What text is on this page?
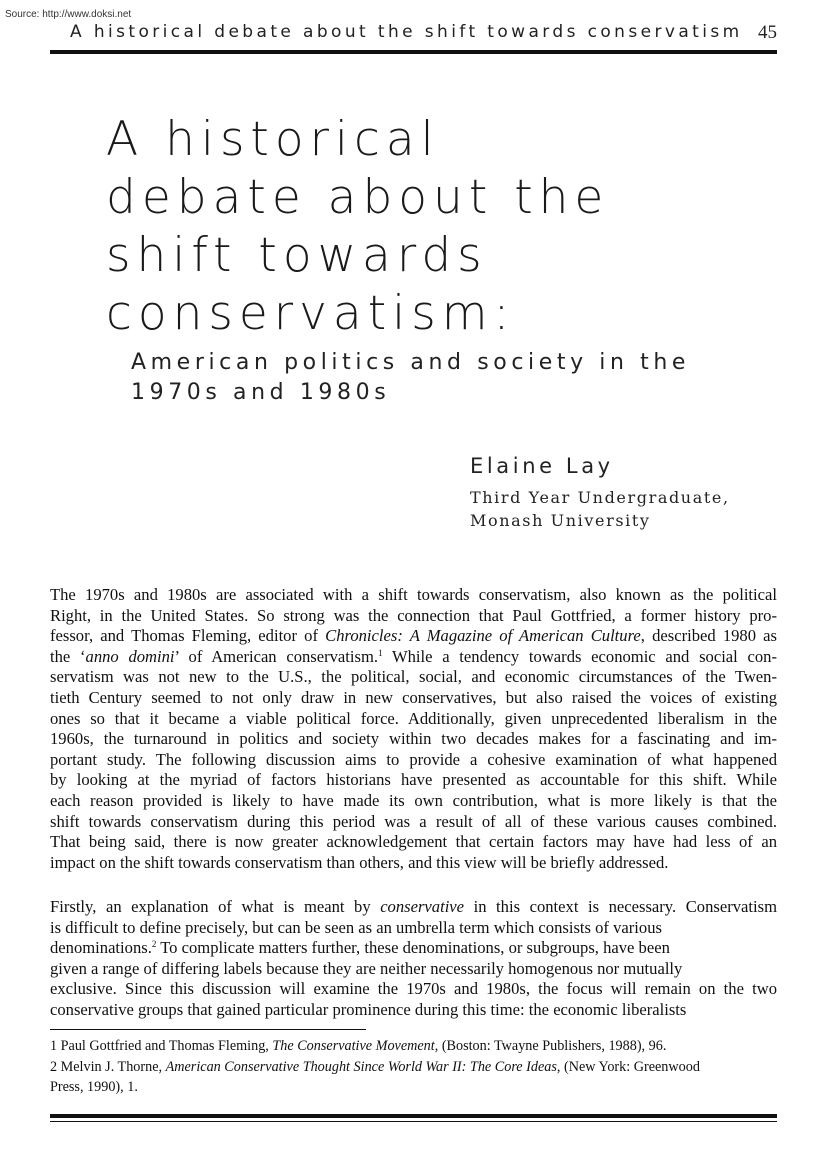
Source: http://www.doksi.net
A historical debate about the shift towards conservatism 45
A historical
debate about the
shift towards
conservatism:
American politics and society in the
1970s and 1980s
Elaine Lay
Third Year Undergraduate,
Monash University
The 1970s and 1980s are associated with a shift towards conservatism, also known as the political
Right, in the United States. So strong was the connection that Paul Gottfried, a former history pro-
fessor, and Thomas Fleming, editor of Chronicles: A Magazine of American Culture, described 1980 as
the ‘anno domini’ of American conservatism.$^1$ While a tendency towards economic and social con-
servatism was not new to the U.S., the political, social, and economic circumstances of the Twen-
tieth Century seemed to not only draw in new conservatives, but also raised the voices of existing
ones so that it became a viable political force. Additionally, given unprecedented liberalism in the
1960s, the turnaround in politics and society within two decades makes for a fascinating and im-
portant study. The following discussion aims to provide a cohesive examination of what happened
by looking at the myriad of factors historians have presented as accountable for this shift. While
each reason provided is likely to have made its own contribution, what is more likely is that the
shift towards conservatism during this period was a result of all of these various causes combined.
That being said, there is now greater acknowledgement that certain factors may have had less of an
impact on the shift towards conservatism than others, and this view will be briefly addressed.
Firstly, an explanation of what is meant by conservative in this context is necessary. Conservatism
is difficult to define precisely, but can be seen as an umbrella term which consists of various
denominations.$^2$ To complicate matters further, these denominations, or subgroups, have been
given a range of differing labels because they are neither necessarily homogenous nor mutually
exclusive. Since this discussion will examine the 1970s and 1980s, the focus will remain on the two
conservative groups that gained particular prominence during this time: the economic liberalists
1 Paul Gottfried and Thomas Fleming, The Conservative Movement, (Boston: Twayne Publishers, 1988), 96.
2 Melvin J. Thorne, American Conservative Thought Since World War II: The Core Ideas, (New York: Greenwood
Press, 1990), 1.
